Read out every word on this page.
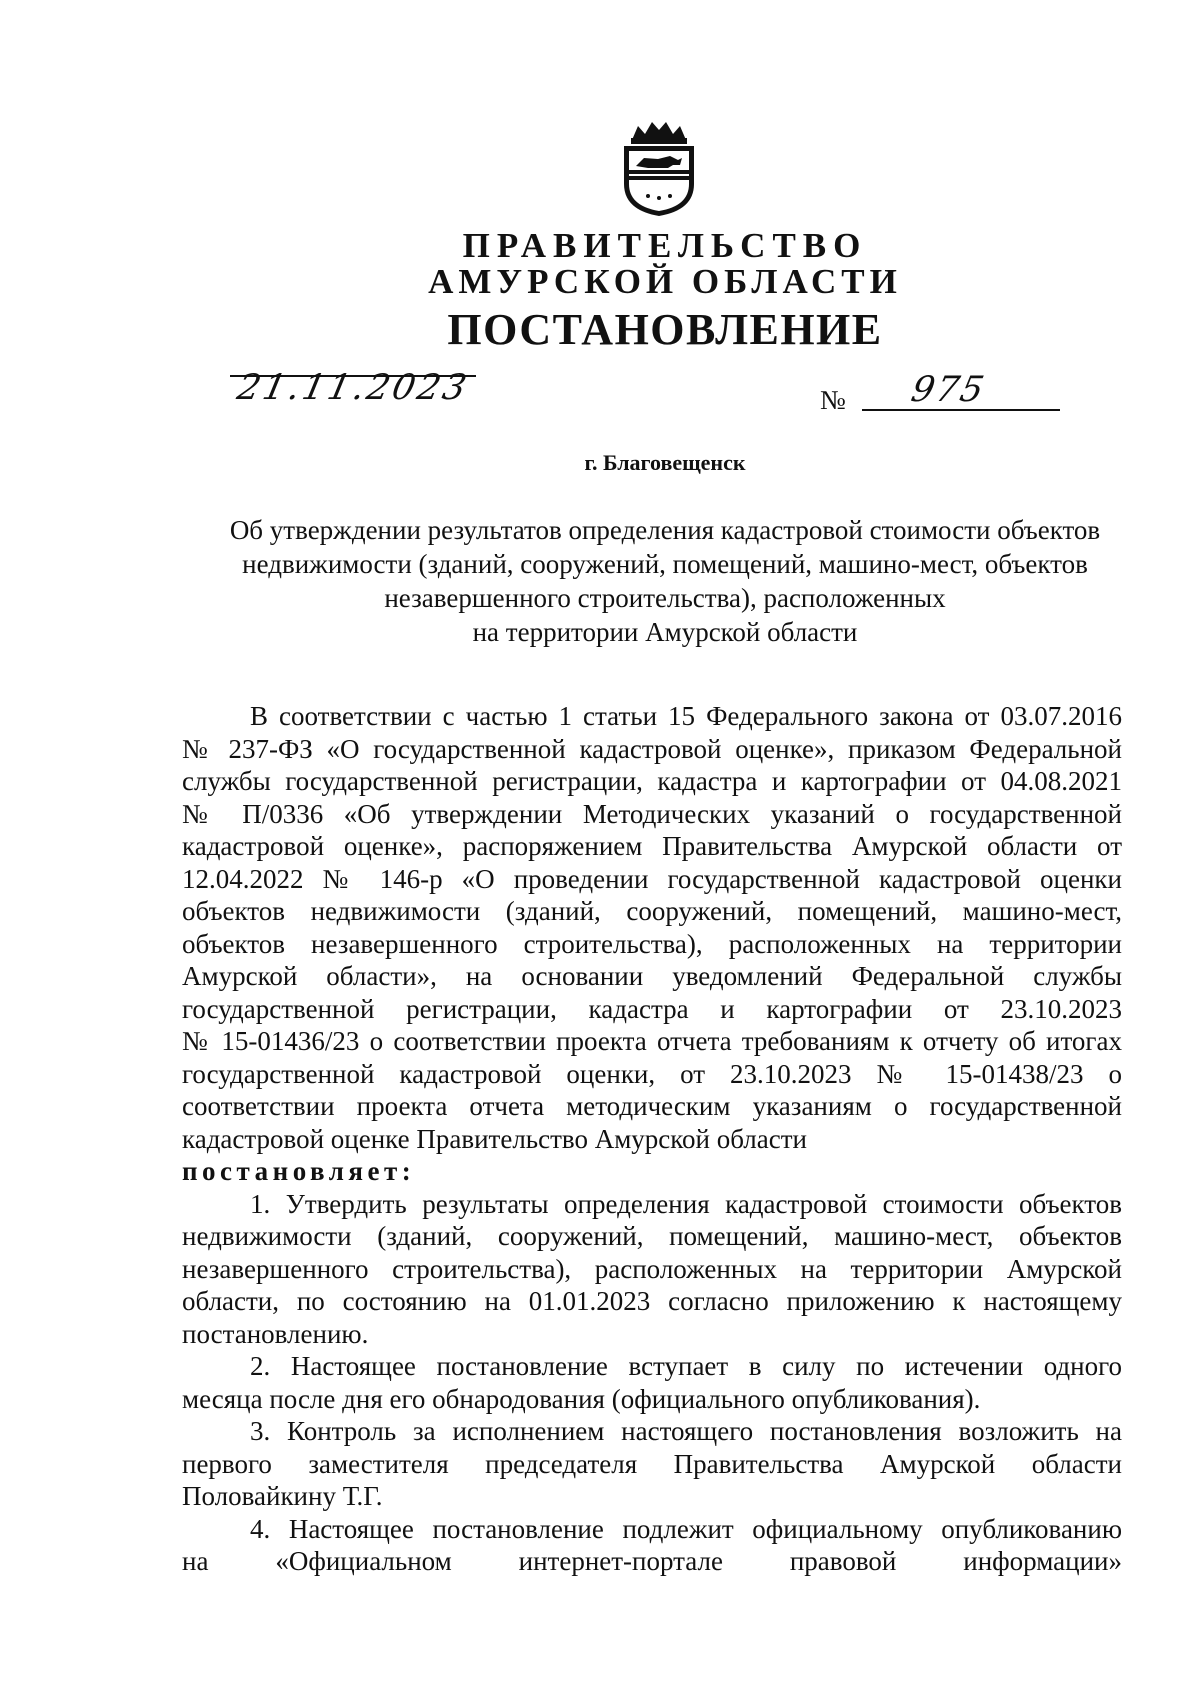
ПРАВИТЕЛЬСТВО
АМУРСКОЙ ОБЛАСТИ
ПОСТАНОВЛЕНИЕ
21.11.2023	№ 975
г. Благовещенск
Об утверждении результатов определения кадастровой стоимости объектов
недвижимости (зданий, сооружений, помещений, машино-мест, объектов
незавершенного строительства), расположенных
на территории Амурской области
В соответствии с частью 1 статьи 15 Федерального закона от 03.07.2016
№ 237-ФЗ «О государственной кадастровой оценке», приказом Федеральной
службы государственной регистрации, кадастра и картографии от 04.08.2021
№ П/0336 «Об утверждении Методических указаний о государственной
кадастровой оценке», распоряжением Правительства Амурской области от
12.04.2022 № 146-р «О проведении государственной кадастровой оценки
объектов недвижимости (зданий, сооружений, помещений, машино-мест,
объектов незавершенного строительства), расположенных на территории
Амурской области», на основании уведомлений Федеральной службы
государственной регистрации, кадастра и картографии от 23.10.2023
№ 15-01436/23 о соответствии проекта отчета требованиям к отчету об итогах
государственной кадастровой оценки, от 23.10.2023 № 15-01438/23 о
соответствии проекта отчета методическим указаниям о государственной
кадастровой оценке Правительство Амурской области
постановляет:
1. Утвердить результаты определения кадастровой стоимости объектов
недвижимости (зданий, сооружений, помещений, машино-мест, объектов
незавершенного строительства), расположенных на территории Амурской
области, по состоянию на 01.01.2023 согласно приложению к настоящему
постановлению.
2. Настоящее постановление вступает в силу по истечении одного
месяца после дня его обнародования (официального опубликования).
3. Контроль за исполнением настоящего постановления возложить на
первого заместителя председателя Правительства Амурской области
Половайкину Т.Г.
4. Настоящее постановление подлежит официальному опубликованию
на «Официальном интернет-портале правовой информации»
